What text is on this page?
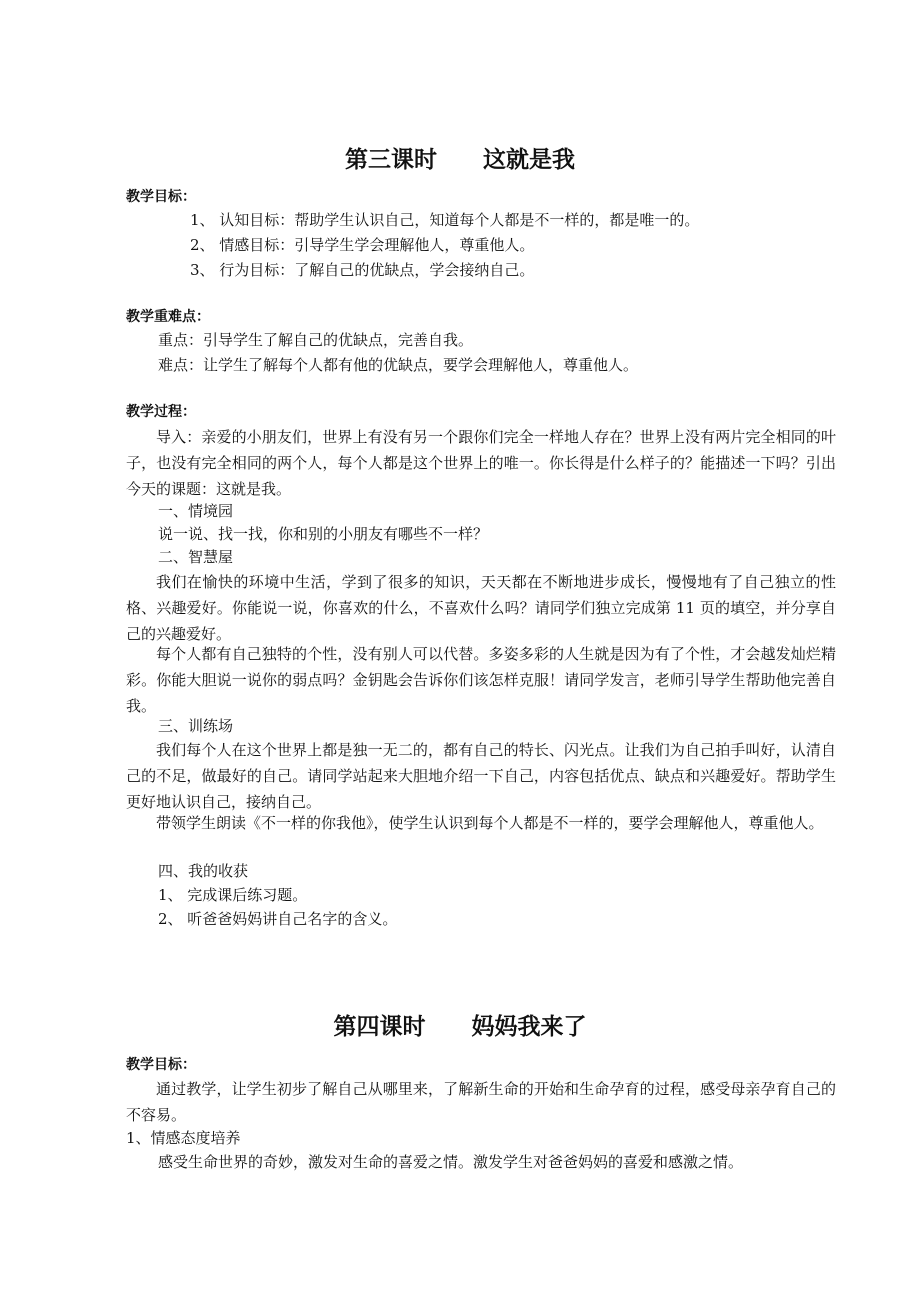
第三课时　　这就是我
教学目标：
1、 认知目标：帮助学生认识自己，知道每个人都是不一样的，都是唯一的。
2、 情感目标：引导学生学会理解他人，尊重他人。
3、 行为目标：了解自己的优缺点，学会接纳自己。
教学重难点：
重点：引导学生了解自己的优缺点，完善自我。
难点：让学生了解每个人都有他的优缺点，要学会理解他人，尊重他人。
教学过程：
导入：亲爱的小朋友们，世界上有没有另一个跟你们完全一样地人存在？世界上没有两片完全相同的叶子，也没有完全相同的两个人，每个人都是这个世界上的唯一。你长得是什么样子的？能描述一下吗？引出今天的课题：这就是我。
一、情境园
说一说、找一找，你和别的小朋友有哪些不一样？
二、智慧屋
我们在愉快的环境中生活，学到了很多的知识，天天都在不断地进步成长，慢慢地有了自己独立的性格、兴趣爱好。你能说一说，你喜欢的什么，不喜欢什么吗？请同学们独立完成第 11 页的填空，并分享自己的兴趣爱好。
每个人都有自己独特的个性，没有别人可以代替。多姿多彩的人生就是因为有了个性，才会越发灿烂精彩。你能大胆说一说你的弱点吗？金钥匙会告诉你们该怎样克服！请同学发言，老师引导学生帮助他完善自我。
三、训练场
我们每个人在这个世界上都是独一无二的，都有自己的特长、闪光点。让我们为自己拍手叫好，认清自己的不足，做最好的自己。请同学站起来大胆地介绍一下自己，内容包括优点、缺点和兴趣爱好。帮助学生更好地认识自己，接纳自己。
带领学生朗读《不一样的你我他》，使学生认识到每个人都是不一样的，要学会理解他人，尊重他人。
四、我的收获
1、 完成课后练习题。
2、 听爸爸妈妈讲自己名字的含义。
第四课时　　妈妈我来了
教学目标：
通过教学，让学生初步了解自己从哪里来，了解新生命的开始和生命孕育的过程，感受母亲孕育自己的不容易。
1、情感态度培养
感受生命世界的奇妙，激发对生命的喜爱之情。激发学生对爸爸妈妈的喜爱和感激之情。
